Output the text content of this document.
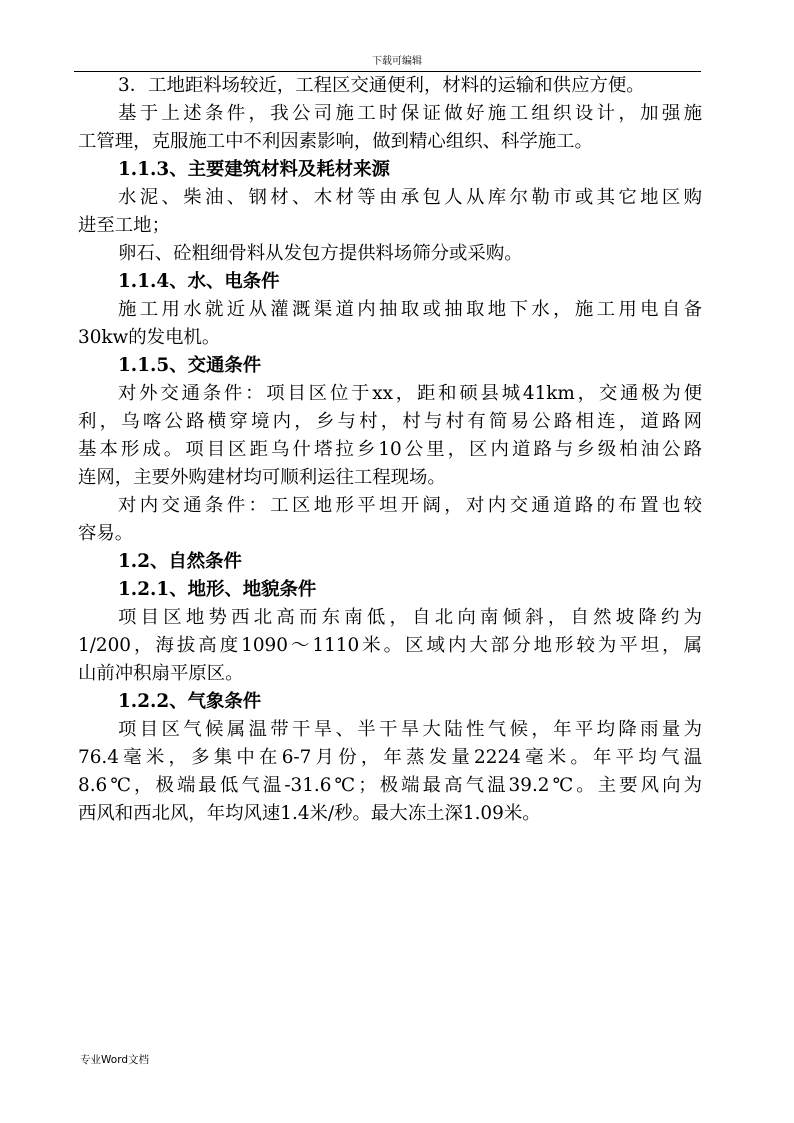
下载可编辑
3．工地距料场较近，工程区交通便利，材料的运输和供应方便。
基于上述条件，我公司施工时保证做好施工组织设计，加强施
工管理，克服施工中不利因素影响，做到精心组织、科学施工。
1.1.3、主要建筑材料及耗材来源
水泥、柴油、钢材、木材等由承包人从库尔勒市或其它地区购
进至工地；
卵石、砼粗细骨料从发包方提供料场筛分或采购。
1.1.4、水、电条件
施工用水就近从灌溉渠道内抽取或抽取地下水，施工用电自备
30kw的发电机。
1.1.5、交通条件
对外交通条件：项目区位于xx，距和硕县城41km，交通极为便
利，乌喀公路横穿境内，乡与村，村与村有简易公路相连，道路网
基本形成。项目区距乌什塔拉乡10公里，区内道路与乡级柏油公路
连网，主要外购建材均可顺利运往工程现场。
对内交通条件：工区地形平坦开阔，对内交通道路的布置也较
容易。
1.2、自然条件
1.2.1、地形、地貌条件
项目区地势西北高而东南低，自北向南倾斜，自然坡降约为
1/200，海拔高度1090～1110米。区域内大部分地形较为平坦，属
山前冲积扇平原区。
1.2.2、气象条件
项目区气候属温带干旱、半干旱大陆性气候，年平均降雨量为
76.4毫米，多集中在6-7月份，年蒸发量2224毫米。年平均气温
8.6℃，极端最低气温-31.6℃；极端最高气温39.2℃。主要风向为
西风和西北风，年均风速1.4米/秒。最大冻土深1.09米。
专业Word文档
